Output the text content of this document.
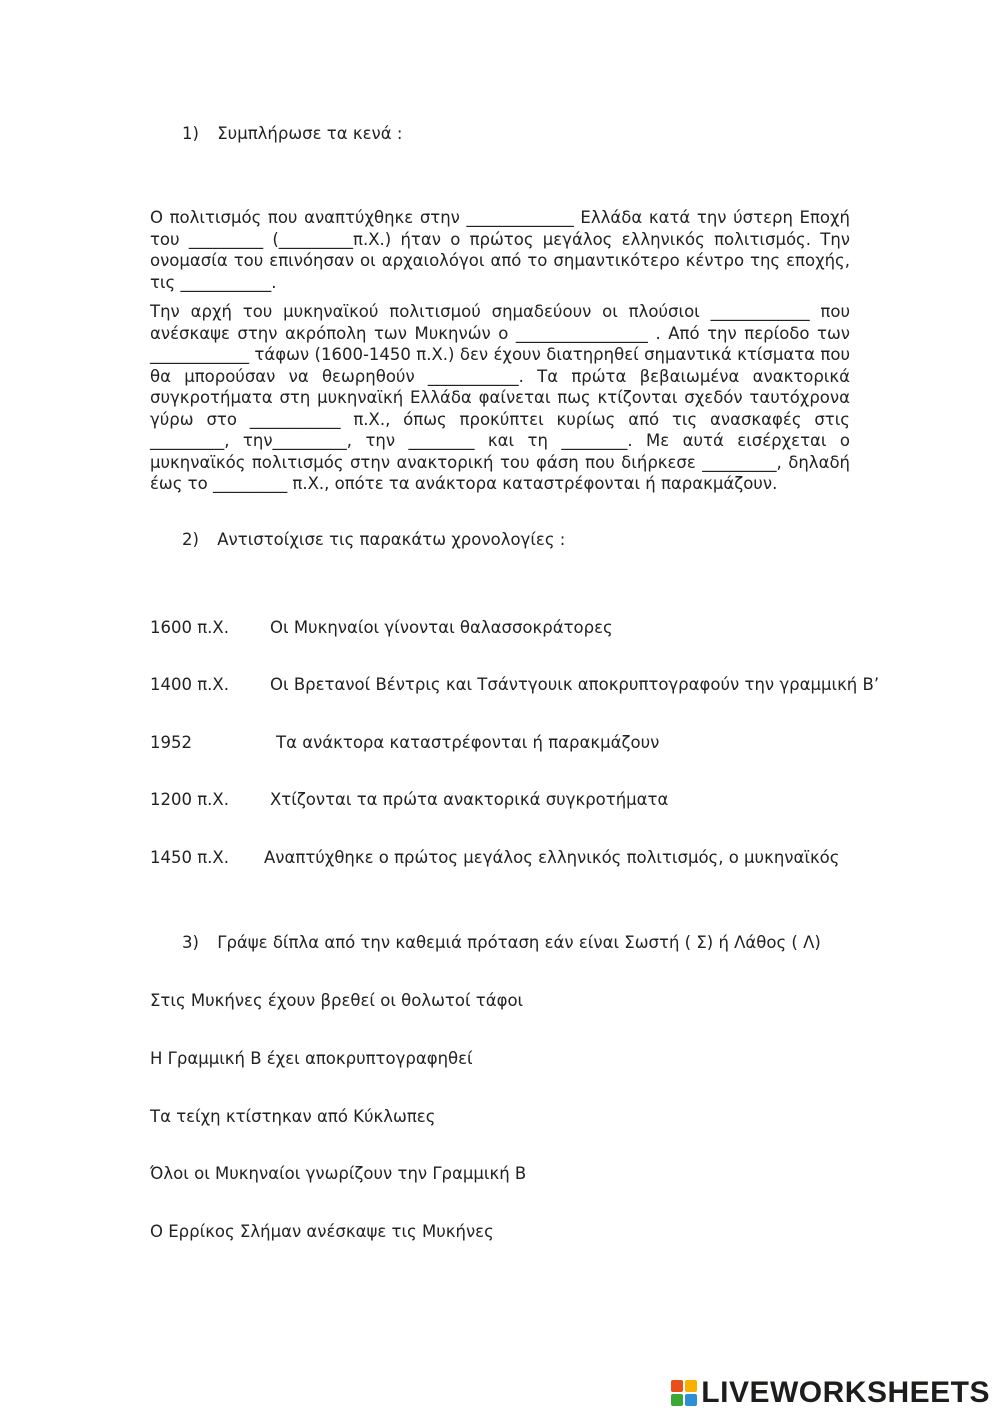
1) Συμπλήρωσε τα κενά :

Ο πολιτισμός που αναπτύχθηκε στην _____________ Ελλάδα κατά την ύστερη Εποχή του _________ (_________π.Χ.) ήταν ο πρώτος μεγάλος ελληνικός πολιτισμός. Την ονομασία του επινόησαν οι αρχαιολόγοι από το σημαντικότερο κέντρο της εποχής, τις ___________.

Την αρχή του μυκηναϊκού πολιτισμού σημαδεύουν οι πλούσιοι ____________ που ανέσκαψε στην ακρόπολη των Μυκηνών ο ________________ . Από την περίοδο των ____________ τάφων (1600-1450 π.Χ.) δεν έχουν διατηρηθεί σημαντικά κτίσματα που θα μπορούσαν να θεωρηθούν ___________. Τα πρώτα βεβαιωμένα ανακτορικά συγκροτήματα στη μυκηναϊκή Ελλάδα φαίνεται πως κτίζονται σχεδόν ταυτόχρονα γύρω στο ___________ π.Χ., όπως προκύπτει κυρίως από τις ανασκαφές στις _________, την_________, την ________ και τη ________. Με αυτά εισέρχεται ο μυκηναϊκός πολιτισμός στην ανακτορική του φάση που διήρκεσε _________, δηλαδή έως το _________ π.Χ., οπότε τα ανάκτορα καταστρέφονται ή παρακμάζουν.

2) Αντιστοίχισε τις παρακάτω χρονολογίες :
1600 π.Χ. Οι Μυκηναίοι γίνονται θαλασσοκράτορες
1400 π.Χ. Οι Βρετανοί Βέντρις και Τσάντγουικ αποκρυπτογραφούν την γραμμική Β’
1952	Τα ανάκτορα καταστρέφονται ή παρακμάζουν
1200 π.Χ. Χτίζονται τα πρώτα ανακτορικά συγκροτήματα
1450 π.Χ. Αναπτύχθηκε ο πρώτος μεγάλος ελληνικός πολιτισμός, ο μυκηναϊκός
3) Γράψε δίπλα από την καθεμιά πρόταση εάν είναι Σωστή ( Σ) ή Λάθος ( Λ)
Στις Μυκήνες έχουν βρεθεί οι θολωτοί τάφοι
Η Γραμμική Β έχει αποκρυπτογραφηθεί
Τα τείχη κτίστηκαν από Κύκλωπες
Όλοι οι Μυκηναίοι γνωρίζουν την Γραμμική Β
Ο Ερρίκος Σλήμαν ανέσκαψε τις Μυκήνες
LIVEWORKSHEETS
